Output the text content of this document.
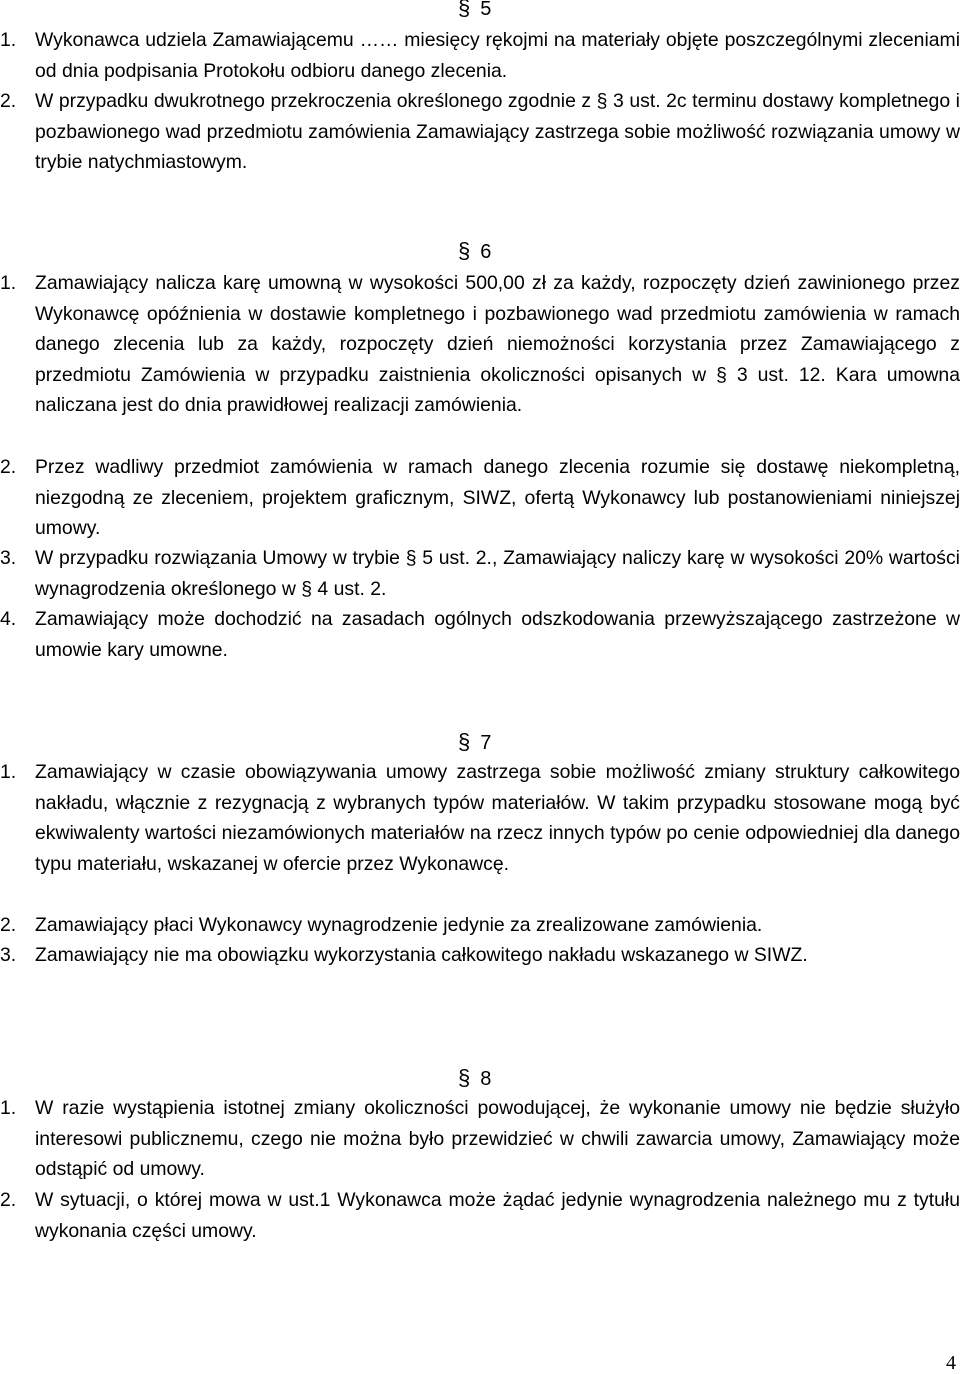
§ 5
1. Wykonawca udziela Zamawiającemu …… miesięcy rękojmi na materiały objęte poszczególnymi zleceniami od dnia podpisania Protokołu odbioru danego zlecenia.
2. W przypadku dwukrotnego przekroczenia określonego zgodnie z § 3 ust. 2c terminu dostawy kompletnego i pozbawionego wad przedmiotu zamówienia Zamawiający zastrzega sobie możliwość rozwiązania umowy w trybie natychmiastowym.
§ 6
1. Zamawiający nalicza karę umowną w wysokości 500,00 zł za każdy, rozpoczęty dzień zawinionego przez Wykonawcę opóźnienia w dostawie kompletnego i pozbawionego wad przedmiotu zamówienia w ramach danego zlecenia lub za każdy, rozpoczęty dzień niemożności korzystania przez Zamawiającego z przedmiotu Zamówienia w przypadku zaistnienia okoliczności opisanych w § 3 ust. 12. Kara umowna naliczana jest do dnia prawidłowej realizacji zamówienia.
2. Przez wadliwy przedmiot zamówienia w ramach danego zlecenia rozumie się dostawę niekompletną, niezgodną ze zleceniem, projektem graficznym, SIWZ, ofertą Wykonawcy lub postanowieniami niniejszej umowy.
3. W przypadku rozwiązania Umowy w trybie § 5 ust. 2., Zamawiający naliczy karę w wysokości 20% wartości wynagrodzenia określonego w § 4 ust. 2.
4. Zamawiający może dochodzić na zasadach ogólnych odszkodowania przewyższającego zastrzeżone w umowie kary umowne.
§ 7
1. Zamawiający w czasie obowiązywania umowy zastrzega sobie możliwość zmiany struktury całkowitego nakładu, włącznie z rezygnacją z wybranych typów materiałów. W takim przypadku stosowane mogą być ekwiwalenty wartości niezamówionych materiałów na rzecz innych typów po cenie odpowiedniej dla danego typu materiału, wskazanej w ofercie przez Wykonawcę.
2. Zamawiający płaci Wykonawcy wynagrodzenie jedynie za zrealizowane zamówienia.
3. Zamawiający nie ma obowiązku wykorzystania całkowitego nakładu wskazanego w SIWZ.
§ 8
1. W razie wystąpienia istotnej zmiany okoliczności powodującej, że wykonanie umowy nie będzie służyło interesowi publicznemu, czego nie można było przewidzieć w chwili zawarcia umowy, Zamawiający może odstąpić od umowy.
2. W sytuacji, o której mowa w ust.1 Wykonawca może żądać jedynie wynagrodzenia należnego mu z tytułu wykonania części umowy.
4
